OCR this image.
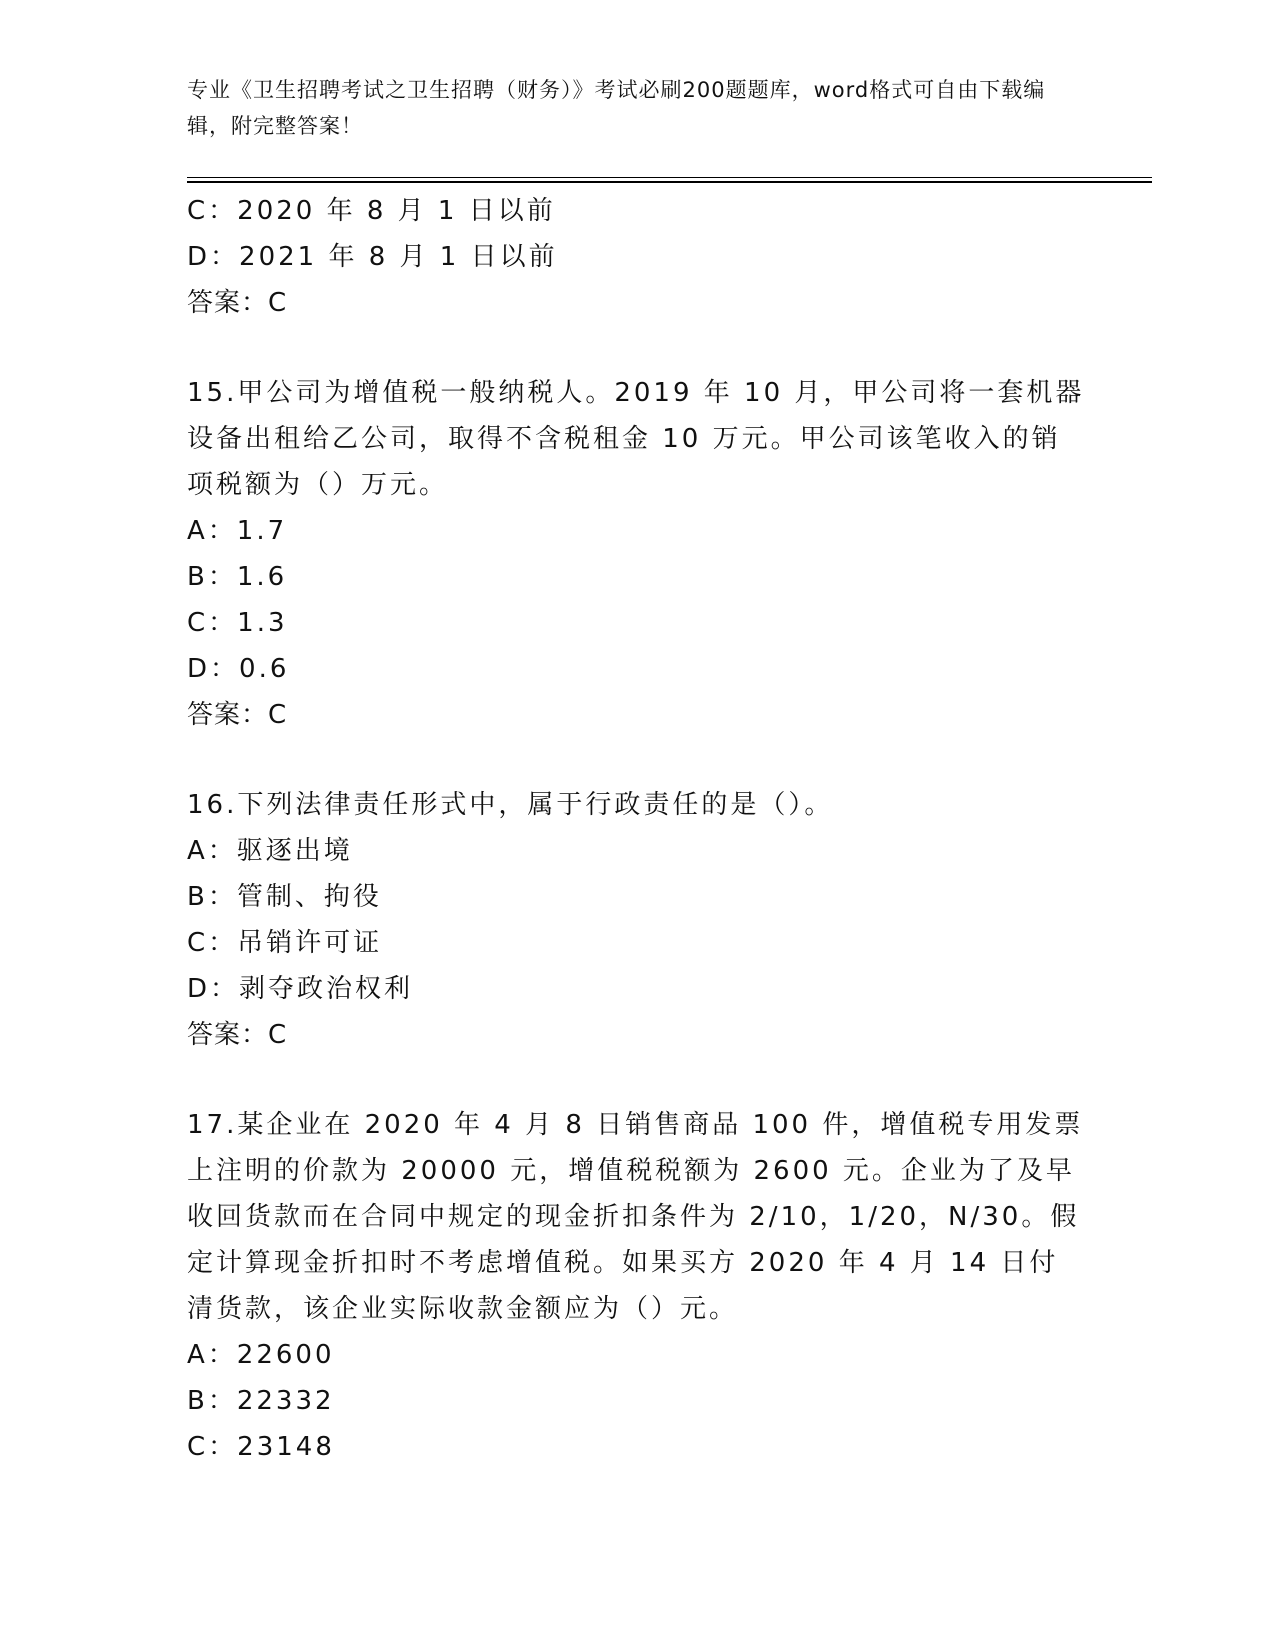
专业《卫生招聘考试之卫生招聘（财务）》考试必刷200题题库，word格式可自由下载编辑，附完整答案！
C：2020 年 8 月 1 日以前
D：2021 年 8 月 1 日以前
答案：C
15.甲公司为增值税一般纳税人。2019 年 10 月，甲公司将一套机器设备出租给乙公司，取得不含税租金 10 万元。甲公司该笔收入的销项税额为（）万元。
A：1.7
B：1.6
C：1.3
D：0.6
答案：C
16.下列法律责任形式中，属于行政责任的是（）。
A：驱逐出境
B：管制、拘役
C：吊销许可证
D：剥夺政治权利
答案：C
17.某企业在 2020 年 4 月 8 日销售商品 100 件，增值税专用发票上注明的价款为 20000 元，增值税税额为 2600 元。企业为了及早收回货款而在合同中规定的现金折扣条件为 2/10，1/20，N/30。假定计算现金折扣时不考虑增值税。如果买方 2020 年 4 月 14 日付清货款，该企业实际收款金额应为（）元。
A：22600
B：22332
C：23148
